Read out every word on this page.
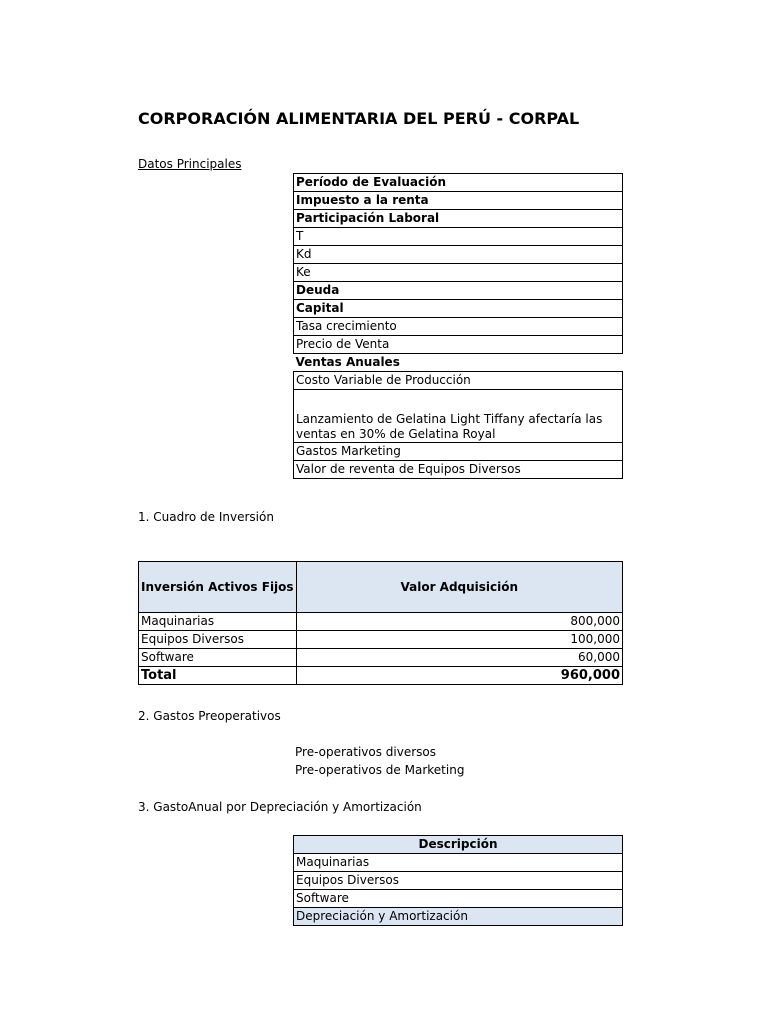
CORPORACIÓN ALIMENTARIA DEL PERÚ - CORPAL
Datos Principales
Período de Evaluación
Impuesto a la renta
Participación Laboral
T
Kd
Ke
Deuda
Capital
Tasa crecimiento
Precio de Venta
Ventas Anuales
Costo Variable de Producción
Lanzamiento de Gelatina Light Tiffany afectaría las ventas en 30% de Gelatina Royal
Gastos Marketing
Valor de reventa de Equipos Diversos
1. Cuadro de Inversión
Inversión Activos Fijos	Valor Adquisición
Maquinarias	800,000
Equipos Diversos	100,000
Software	60,000
Total	960,000
2. Gastos Preoperativos
Pre-operativos diversos
Pre-operativos de Marketing
3. GastoAnual por Depreciación y Amortización
Descripción
Maquinarias
Equipos Diversos
Software
Depreciación y Amortización
